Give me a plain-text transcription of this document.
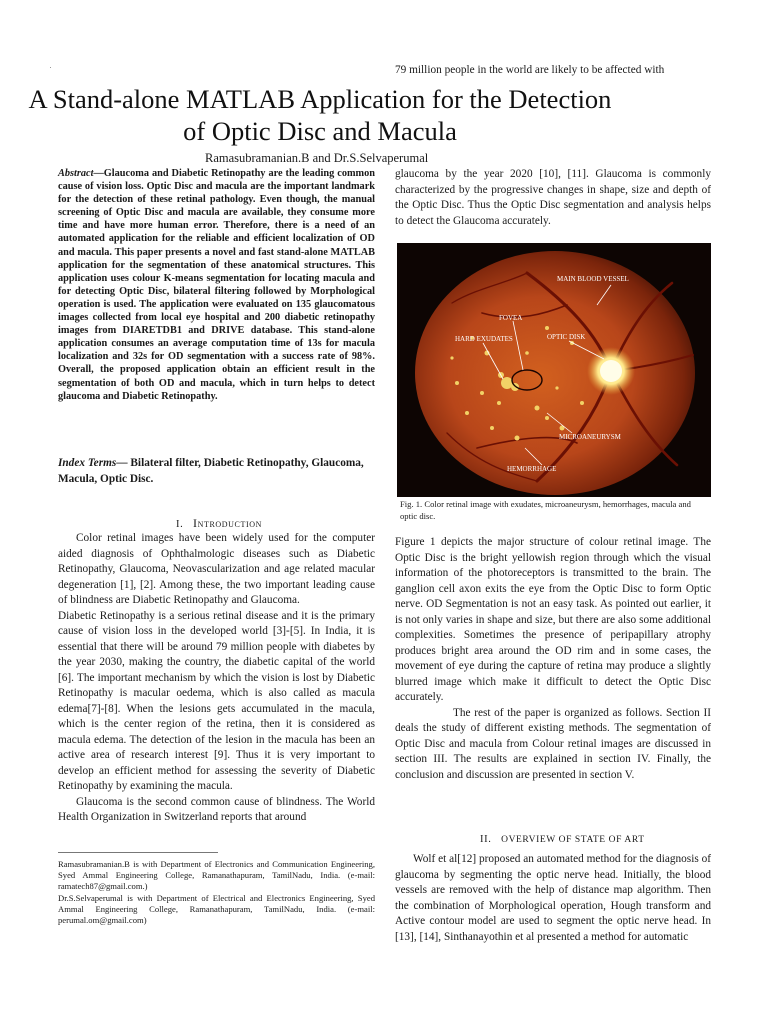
79 million people in the world are likely to be affected with
A Stand-alone MATLAB Application for the Detection of Optic Disc and Macula
Ramasubramanian.B and Dr.S.Selvaperumal
Abstract—Glaucoma and Diabetic Retinopathy are the leading common cause of vision loss. Optic Disc and macula are the important landmark for the detection of these retinal pathology. Even though, the manual screening of Optic Disc and macula are available, they consume more time and have more human error. Therefore, there is a need of an automated application for the reliable and efficient localization of OD and macula. This paper presents a novel and fast stand-alone MATLAB application for the segmentation of these anatomical structures. This application uses colour K-means segmentation for locating macula and for detecting Optic Disc, bilateral filtering followed by Morphological operation is used. The application were evaluated on 135 glaucomatous images collected from local eye hospital and 200 diabetic retinopathy images from DIARETDB1 and DRIVE database. This stand-alone application consumes an average computation time of 13s for macula localization and 32s for OD segmentation with a success rate of 98%. Overall, the proposed application obtain an efficient result in the segmentation of both OD and macula, which in turn helps to detect glaucoma and Diabetic Retinopathy.
Index Terms— Bilateral filter, Diabetic Retinopathy, Glaucoma, Macula, Optic Disc.
I. Introduction

Color retinal images have been widely used for the computer aided diagnosis of Ophthalmologic diseases such as Diabetic Retinopathy, Glaucoma, Neovascularization and age related macular degeneration [1], [2]. Among these, the two important leading cause of blindness are Diabetic Retinopathy and Glaucoma.

Diabetic Retinopathy is a serious retinal disease and it is the primary cause of vision loss in the developed world [3]-[5]. In India, it is essential that there will be around 79 million people with diabetes by the year 2030, making the country, the diabetic capital of the world [6]. The important mechanism by which the vision is lost by Diabetic Retinopathy is macular oedema, which is also called as macula edema[7]-[8]. When the lesions gets accumulated in the macula, which is the center region of the retina, then it is considered as macula edema. The detection of the lesion in the macula has been an active area of research interest [9]. Thus it is very important to develop an efficient method for assessing the severity of Diabetic Retinopathy by examining the macula.

Glaucoma is the second common cause of blindness. The World Health Organization in Switzerland reports that around

Ramasubramanian.B is with Department of Electronics and Communication Engineering, Syed Ammal Engineering College, Ramanathapuram, TamilNadu, India. (e-mail: ramatech87@gmail.com.)
Dr.S.Selvaperumal is with Department of Electrical and Electronics Engineering, Syed Ammal Engineering College, Ramanathapuram, TamilNadu, India. (e-mail: perumal.om@gmail.com)
glaucoma by the year 2020 [10], [11]. Glaucoma is commonly characterized by the progressive changes in shape, size and depth of the Optic Disc. Thus the Optic Disc segmentation and analysis helps to detect the Glaucoma accurately.
MAIN BLOOD VESSEL
OPTIC DISK
FOVEA
HARD EXUDATES
MICROANEURYSM
HEMORRHAGE
Fig. 1. Color retinal image with exudates, microaneurysm, hemorrhages, macula and optic disc.

Figure 1 depicts the major structure of colour retinal image. The Optic Disc is the bright yellowish region through which the visual information of the photoreceptors is transmitted to the brain. The ganglion cell axon exits the eye from the Optic Disc to form Optic nerve. OD Segmentation is not an easy task. As pointed out earlier, it is not only varies in shape and size, but there are also some additional complexities. Sometimes the presence of peripapillary atrophy produces bright area around the OD rim and in some cases, the movement of eye during the capture of retina may produce a slightly blurred image which make it difficult to detect the Optic Disc accurately.

The rest of the paper is organized as follows. Section II deals the study of different existing methods. The segmentation of Optic Disc and macula from Colour retinal images are discussed in section III. The results are explained in section IV. Finally, the conclusion and discussion are presented in section V.

II. OVERVIEW OF STATE OF ART
Wolf et al[12] proposed an automated method for the diagnosis of glaucoma by segmenting the optic nerve head. Initially, the blood vessels are removed with the help of distance map algorithm. Then the combination of Morphological operation, Hough transform and Active contour model are used to segment the optic nerve head. In [13], [14], Sinthanayothin et al presented a method for automatic
